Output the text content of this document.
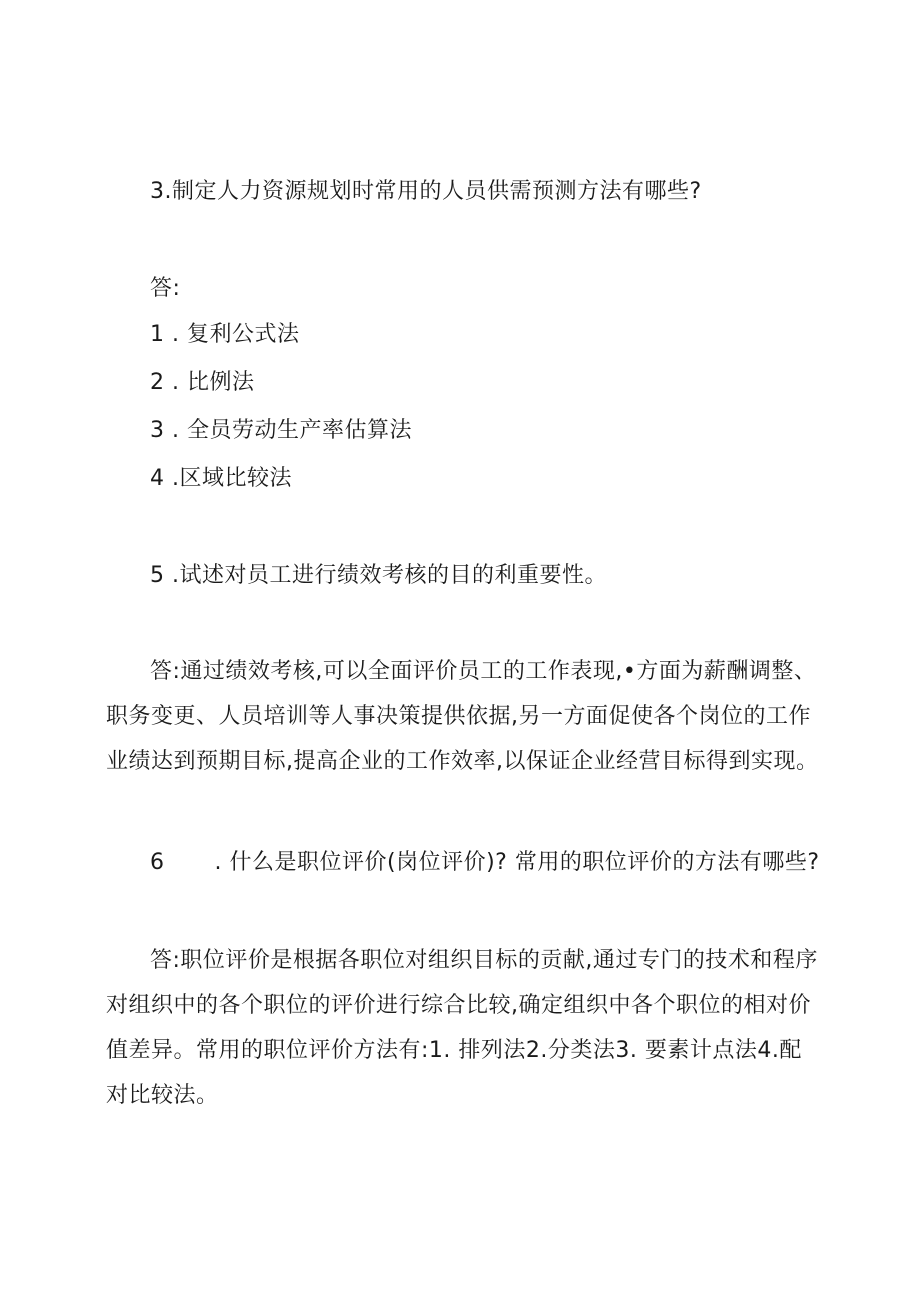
3.制定人力资源规划时常用的人员供需预测方法有哪些?
答:
1 . 复利公式法
2 . 比例法
3 . 全员劳动生产率估算法
4 .区域比较法
5 .试述对员工进行绩效考核的目的利重要性。
答:通过绩效考核,可以全面评价员工的工作表现,•方面为薪酬调整、职务变更、人员培训等人事决策提供依据,另一方面促使各个岗位的工作业绩达到预期目标,提高企业的工作效率,以保证企业经营目标得到实现。
6 . 什么是职位评价(岗位评价)? 常用的职位评价的方法有哪些?
答:职位评价是根据各职位对组织目标的贡献,通过专门的技术和程序对组织中的各个职位的评价进行综合比较,确定组织中各个职位的相对价值差异。常用的职位评价方法有:1. 排列法2.分类法3. 要素计点法4.配对比较法。
